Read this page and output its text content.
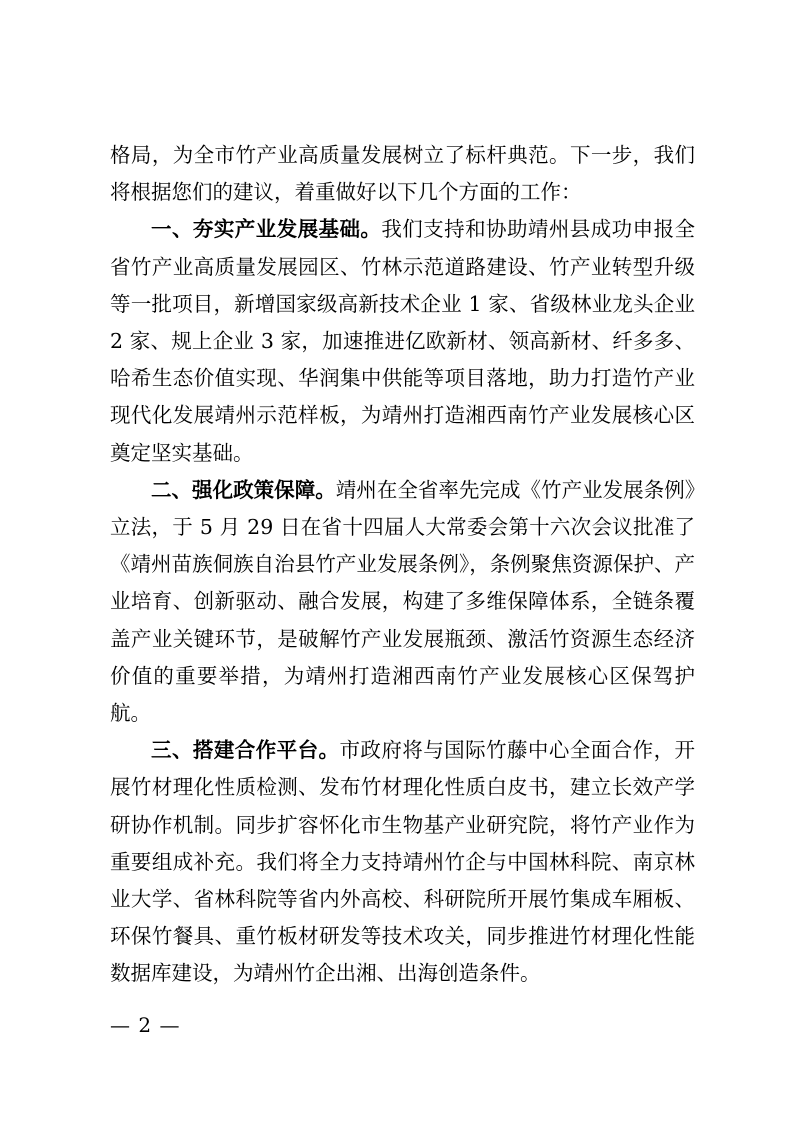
格局，为全市竹产业高质量发展树立了标杆典范。下一步，我们将根据您们的建议，着重做好以下几个方面的工作：

一、夯实产业发展基础。我们支持和协助靖州县成功申报全省竹产业高质量发展园区、竹林示范道路建设、竹产业转型升级等一批项目，新增国家级高新技术企业 1 家、省级林业龙头企业 2 家、规上企业 3 家，加速推进亿欧新材、领高新材、纤多多、哈希生态价值实现、华润集中供能等项目落地，助力打造竹产业现代化发展靖州示范样板，为靖州打造湘西南竹产业发展核心区奠定坚实基础。

二、强化政策保障。靖州在全省率先完成《竹产业发展条例》立法，于 5 月 29 日在省十四届人大常委会第十六次会议批准了《靖州苗族侗族自治县竹产业发展条例》，条例聚焦资源保护、产业培育、创新驱动、融合发展，构建了多维保障体系，全链条覆盖产业关键环节，是破解竹产业发展瓶颈、激活竹资源生态经济价值的重要举措，为靖州打造湘西南竹产业发展核心区保驾护航。

三、搭建合作平台。市政府将与国际竹藤中心全面合作，开展竹材理化性质检测、发布竹材理化性质白皮书，建立长效产学研协作机制。同步扩容怀化市生物基产业研究院，将竹产业作为重要组成补充。我们将全力支持靖州竹企与中国林科院、南京林业大学、省林科院等省内外高校、科研院所开展竹集成车厢板、环保竹餐具、重竹板材研发等技术攻关，同步推进竹材理化性能数据库建设，为靖州竹企出湘、出海创造条件。

— 2 —
